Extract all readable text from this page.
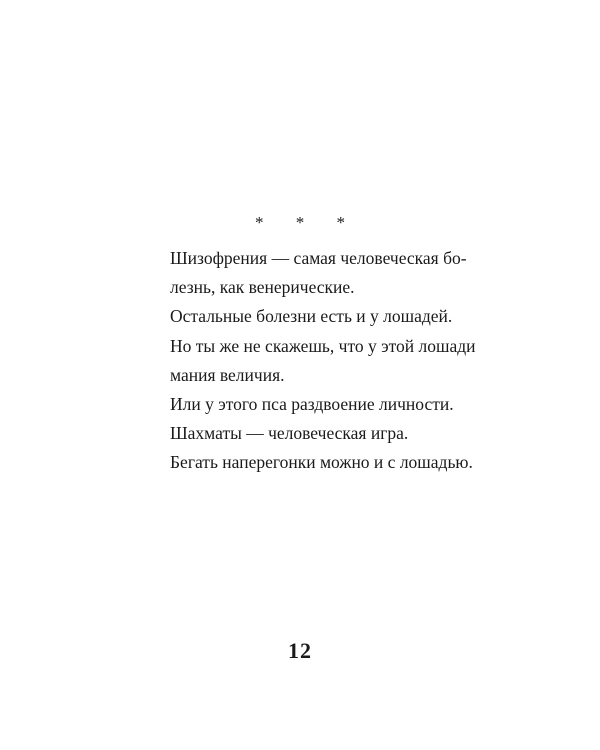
* * *
Шизофрения — самая человеческая бо-
лезнь, как венерические.
Остальные болезни есть и у лошадей.
Но ты же не скажешь, что у этой лошади
мания величия.
Или у этого пса раздвоение личности.
Шахматы — человеческая игра.
Бегать наперегонки можно и с лошадью.
12
